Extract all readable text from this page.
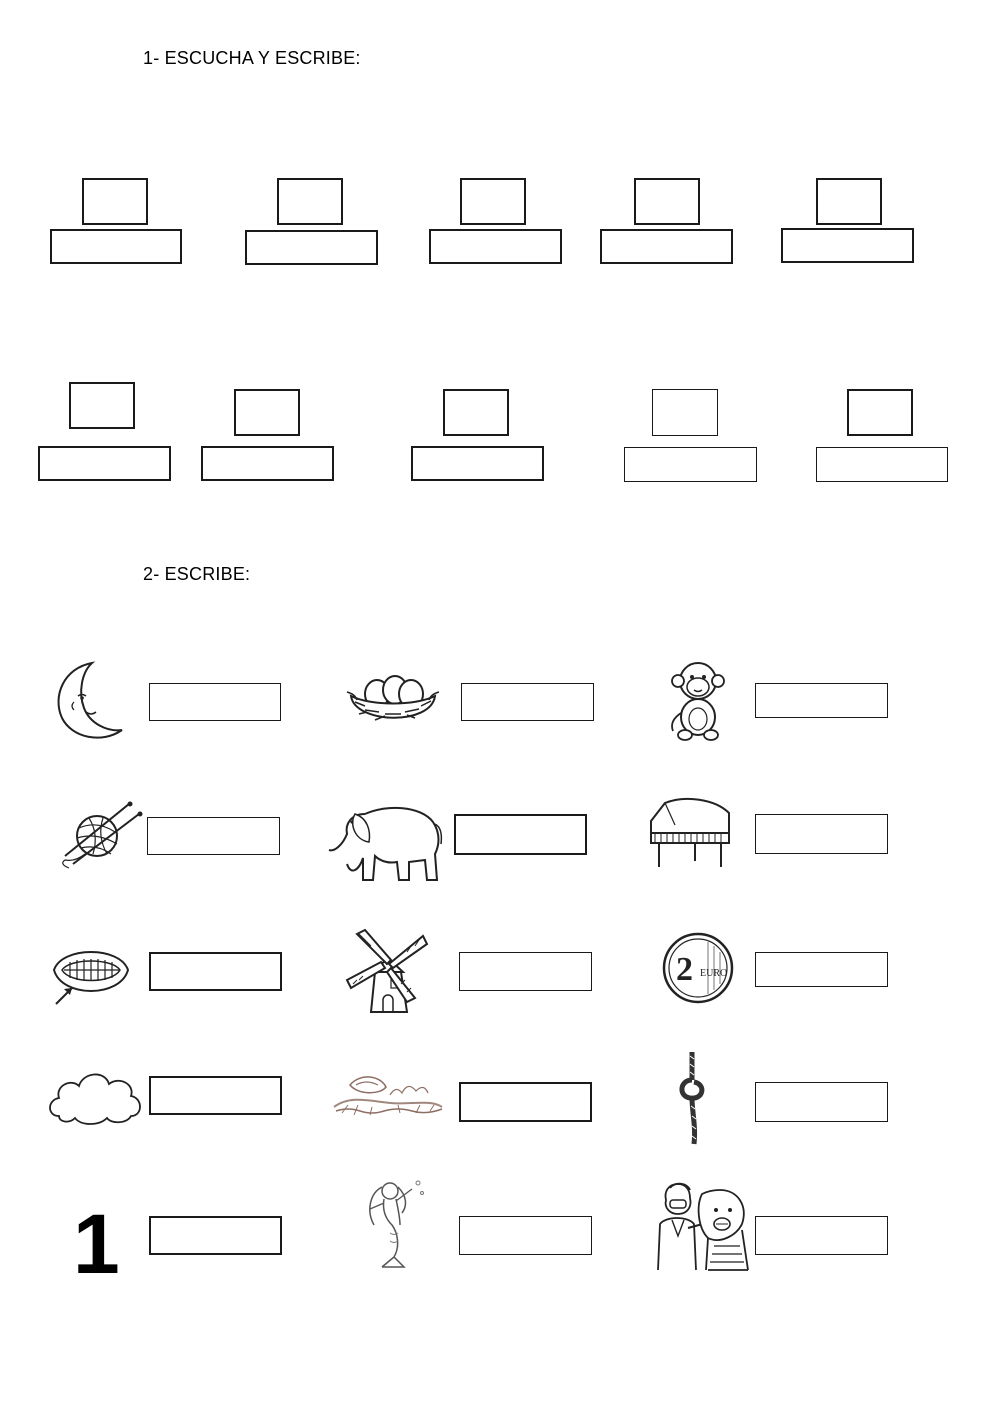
1- ESCUCHA Y ESCRIBE:
2- ESCRIBE:
2 EURO
1
